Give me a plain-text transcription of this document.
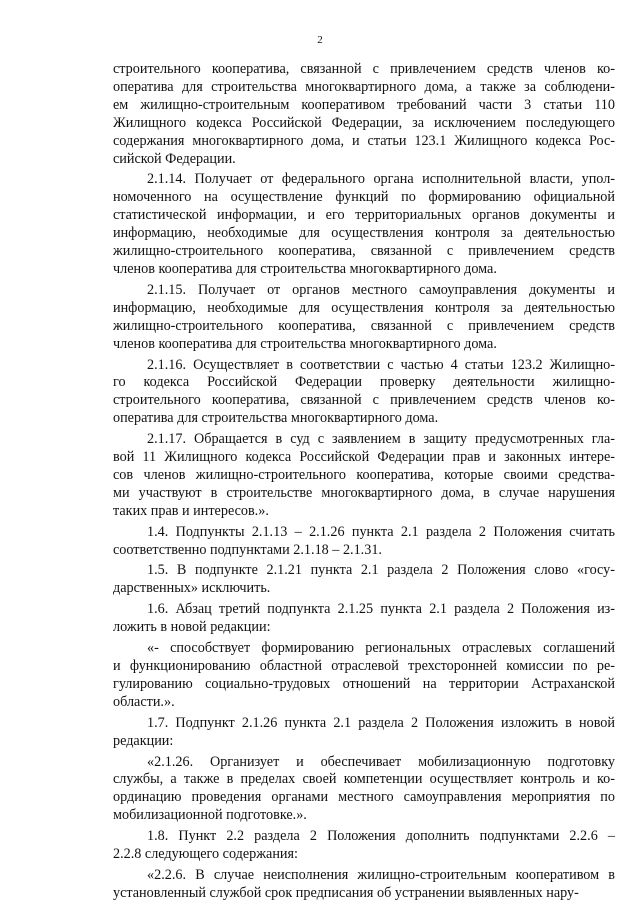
2
строительного кооператива, связанной с привлечением средств членов ко-
оператива для строительства многоквартирного дома, а также за соблюдени-
ем жилищно-строительным кооперативом требований части 3 статьи 110
Жилищного кодекса Российской Федерации, за исключением последующего
содержания многоквартирного дома, и статьи 123.1 Жилищного кодекса Рос-
сийской Федерации.
2.1.14. Получает от федерального органа исполнительной власти, упол-
номоченного на осуществление функций по формированию официальной
статистической информации, и его территориальных органов документы и
информацию, необходимые для осуществления контроля за деятельностью
жилищно-строительного кооператива, связанной с привлечением средств
членов кооператива для строительства многоквартирного дома.
2.1.15. Получает от органов местного самоуправления документы и
информацию, необходимые для осуществления контроля за деятельностью
жилищно-строительного кооператива, связанной с привлечением средств
членов кооператива для строительства многоквартирного дома.
2.1.16. Осуществляет в соответствии с частью 4 статьи 123.2 Жилищно-
го кодекса Российской Федерации проверку деятельности жилищно-
строительного кооператива, связанной с привлечением средств членов ко-
оператива для строительства многоквартирного дома.
2.1.17. Обращается в суд с заявлением в защиту предусмотренных гла-
вой 11 Жилищного кодекса Российской Федерации прав и законных интере-
сов членов жилищно-строительного кооператива, которые своими средства-
ми участвуют в строительстве многоквартирного дома, в случае нарушения
таких прав и интересов.».
1.4. Подпункты 2.1.13 – 2.1.26 пункта 2.1 раздела 2 Положения считать
соответственно подпунктами 2.1.18 – 2.1.31.
1.5. В подпункте 2.1.21 пункта 2.1 раздела 2 Положения слово «госу-
дарственных» исключить.
1.6. Абзац третий подпункта 2.1.25 пункта 2.1 раздела 2 Положения из-
ложить в новой редакции:
«- способствует формированию региональных отраслевых соглашений
и функционированию областной отраслевой трехсторонней комиссии по ре-
гулированию социально-трудовых отношений на территории Астраханской
области.».
1.7. Подпункт 2.1.26 пункта 2.1 раздела 2 Положения изложить в новой
редакции:
«2.1.26. Организует и обеспечивает мобилизационную подготовку
службы, а также в пределах своей компетенции осуществляет контроль и ко-
ординацию проведения органами местного самоуправления мероприятия по
мобилизационной подготовке.».
1.8. Пункт 2.2 раздела 2 Положения дополнить подпунктами 2.2.6 –
2.2.8 следующего содержания:
«2.2.6. В случае неисполнения жилищно-строительным кооперативом в
установленный службой срок предписания об устранении выявленных нару-
